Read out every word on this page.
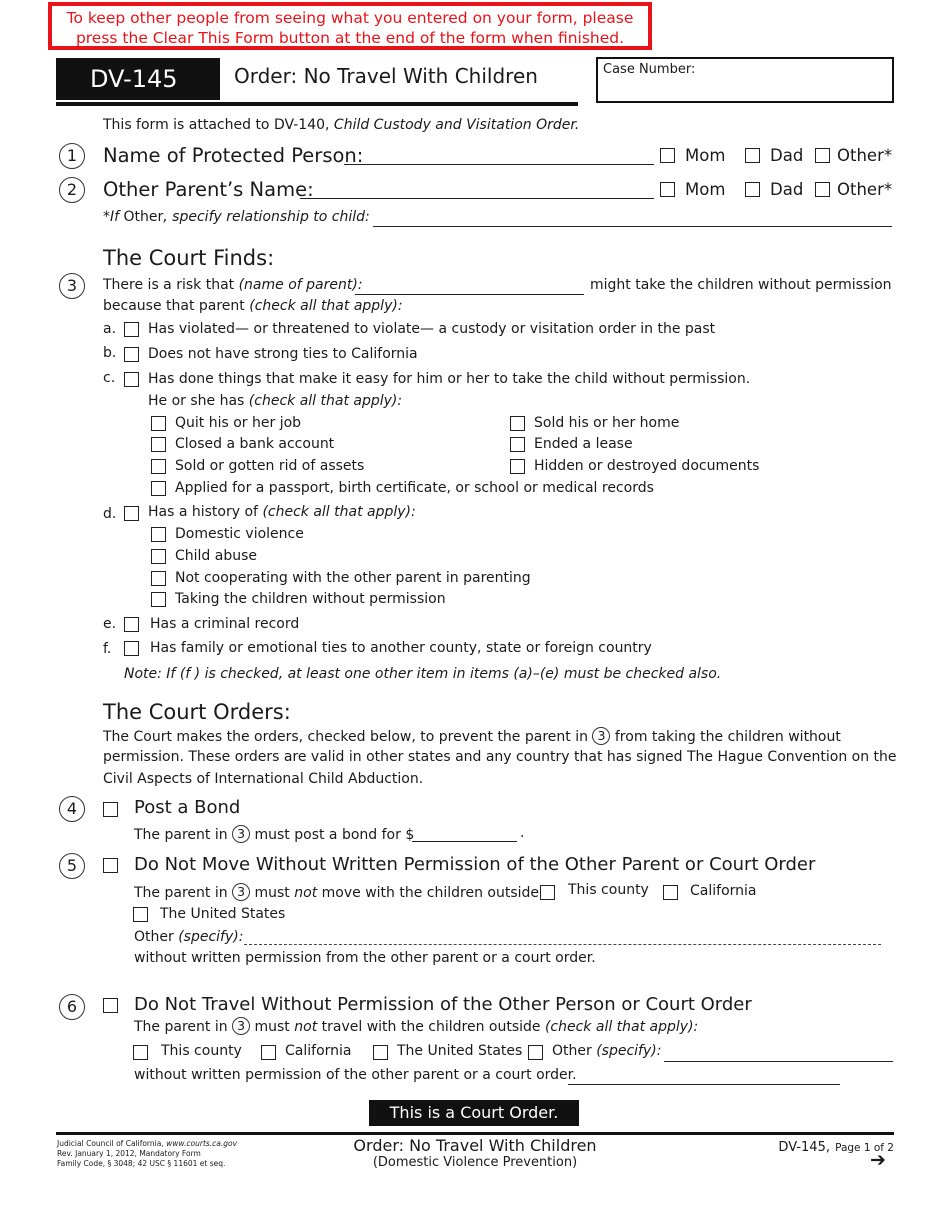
To keep other people from seeing what you entered on your form, please press the Clear This Form button at the end of the form when finished.
DV-145	Order: No Travel With Children	Case Number:
This form is attached to DV-140, Child Custody and Visitation Order.
1	Name of Protected Person:	Mom	Dad Other*
2	Other Parent’s Name:	Mom	Dad Other*
*If Other, specify relationship to child:
The Court Finds:
3	There is a risk that (name of parent):	might take the children without permission
because that parent (check all that apply):
a. Has violated— or threatened to violate— a custody or visitation order in the past
b. Does not have strong ties to California
c. Has done things that make it easy for him or her to take the child without permission.
He or she has (check all that apply):
Quit his or her job
Closed a bank account
Sold or gotten rid of assets
Applied for a passport, birth certificate, or school or medical records
Sold his or her home
Ended a lease
Hidden or destroyed documents
d. Has a history of (check all that apply):
Domestic violence
Child abuse
Not cooperating with the other parent in parenting
Taking the children without permission
e. Has a criminal record
f.	Has family or emotional ties to another county, state or foreign country
Note: If (f ) is checked, at least one other item in items (a)–(e) must be checked also.
The Court Orders:
The Court makes the orders, checked below, to prevent the parent in 3 from taking the children without
permission. These orders are valid in other states and any country that has signed The Hague Convention on the
Civil Aspects of International Child Abduction.
4	Post a Bond
The parent in 3 must post a bond for $	.
5	Do Not Move Without Written Permission of the Other Parent or Court Order
The parent in 3 must not move with the children outside This county	California
The United States
Other (specify):
without written permission from the other parent or a court order.
6	Do Not Travel Without Permission of the Other Person or Court Order
The parent in 3 must not travel with the children outside (check all that apply):
This county	California	The United States Other (specify):
without written permission of the other parent or a court order.
This is a Court Order.
Judicial Council of California, www.courts.ca.gov
Rev. January 1, 2012, Mandatory Form
Family Code, § 3048; 42 USC § 11601 et seq.
Order: No Travel With Children
(Domestic Violence Prevention)
DV-145, Page 1 of 2
➔
